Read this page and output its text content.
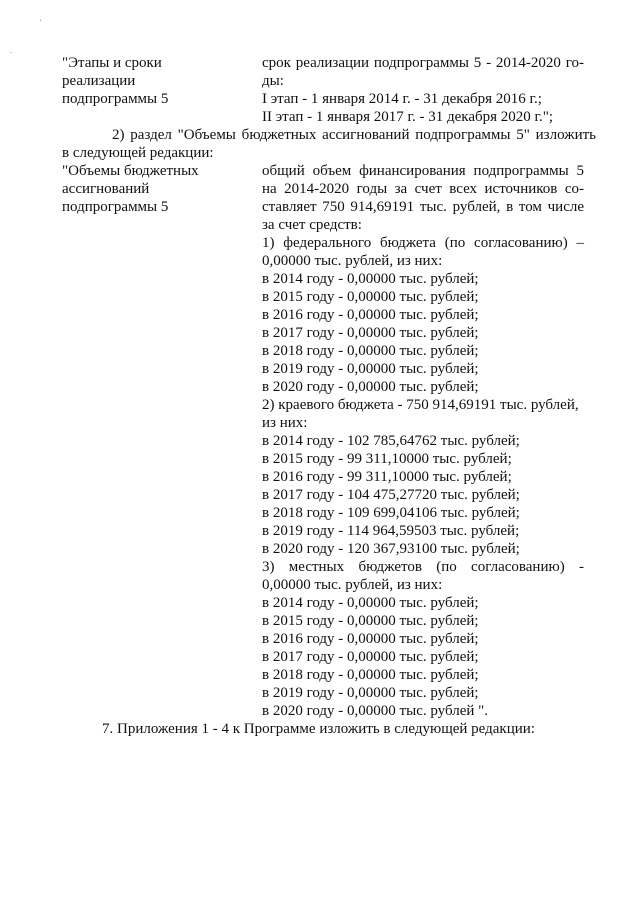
'
.
"Этапы и сроки
реализации
подпрограммы 5
срок реализации подпрограммы 5 - 2014-2020 го-
ды:
I этап - 1 января 2014 г. - 31 декабря 2016 г.;
II этап - 1 января 2017 г. - 31 декабря 2020 г.";
2) раздел "Объемы бюджетных ассигнований подпрограммы 5" изложить
в следующей редакции:
"Объемы бюджетных
ассигнований
подпрограммы 5
общий объем финансирования подпрограммы 5
на 2014-2020 годы за счет всех источников со-
ставляет 750 914,69191 тыс. рублей, в том числе
за счет средств:
1) федерального бюджета (по согласованию) –
0,00000 тыс. рублей, из них:
в 2014 году - 0,00000 тыс. рублей;
в 2015 году - 0,00000 тыс. рублей;
в 2016 году - 0,00000 тыс. рублей;
в 2017 году - 0,00000 тыс. рублей;
в 2018 году - 0,00000 тыс. рублей;
в 2019 году - 0,00000 тыс. рублей;
в 2020 году - 0,00000 тыс. рублей;
2) краевого бюджета - 750 914,69191 тыс. рублей,
из них:
в 2014 году - 102 785,64762 тыс. рублей;
в 2015 году - 99 311,10000 тыс. рублей;
в 2016 году - 99 311,10000 тыс. рублей;
в 2017 году - 104 475,27720 тыс. рублей;
в 2018 году - 109 699,04106 тыс. рублей;
в 2019 году - 114 964,59503 тыс. рублей;
в 2020 году - 120 367,93100 тыс. рублей;
3) местных бюджетов (по согласованию) -
0,00000 тыс. рублей, из них:
в 2014 году - 0,00000 тыс. рублей;
в 2015 году - 0,00000 тыс. рублей;
в 2016 году - 0,00000 тыс. рублей;
в 2017 году - 0,00000 тыс. рублей;
в 2018 году - 0,00000 тыс. рублей;
в 2019 году - 0,00000 тыс. рублей;
в 2020 году - 0,00000 тыс. рублей ".
7. Приложения 1 - 4 к Программе изложить в следующей редакции:
